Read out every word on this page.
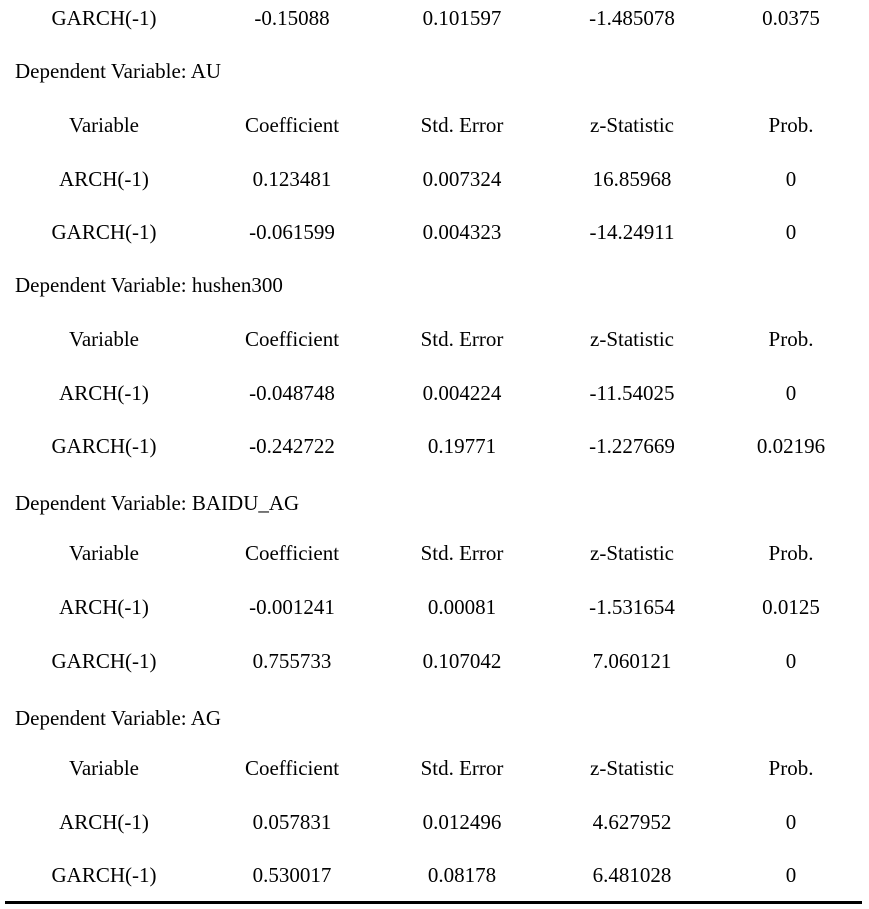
GARCH(-1)	-0.15088	0.101597	-1.485078	0.0375
Dependent Variable: AU
Variable	Coefficient	Std. Error	z-Statistic	Prob.
ARCH(-1)	0.123481	0.007324	16.85968	0
GARCH(-1)	-0.061599	0.004323	-14.24911	0
Dependent Variable: hushen300
Variable	Coefficient	Std. Error	z-Statistic	Prob.
ARCH(-1)	-0.048748	0.004224	-11.54025	0
GARCH(-1)	-0.242722	0.19771	-1.227669	0.02196
Dependent Variable: BAIDU_AG
Variable	Coefficient	Std. Error	z-Statistic	Prob.
ARCH(-1)	-0.001241	0.00081	-1.531654	0.0125
GARCH(-1)	0.755733	0.107042	7.060121	0
Dependent Variable: AG
Variable	Coefficient	Std. Error	z-Statistic	Prob.
ARCH(-1)	0.057831	0.012496	4.627952	0
GARCH(-1)	0.530017	0.08178	6.481028	0
